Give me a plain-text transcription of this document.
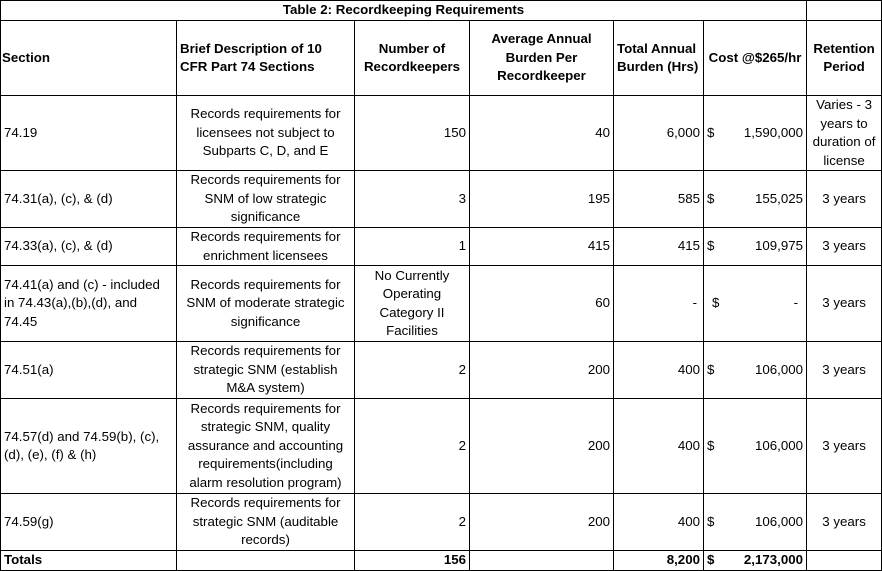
Table 2: Recordkeeping Requirements						
Section	Brief Description of 10 CFR Part 74 Sections	Number of Recordkeepers	Average Annual Burden Per Recordkeeper	Total Annual Burden (Hrs)	Cost @$265/hr	Retention Period
74.19	Records requirements for licensees not subject to Subparts C, D, and E	150	40	6,000	$ 1,590,000	Varies - 3 years to duration of license
74.31(a), (c), & (d)	Records requirements for SNM of low strategic significance	3	195	585	$ 155,025	3 years
74.33(a), (c), & (d)	Records requirements for enrichment licensees	1	415	415	$ 109,975	3 years
74.41(a) and (c) - included in 74.43(a),(b),(d), and 74.45	Records requirements for SNM of moderate strategic significance	No Currently Operating Category II Facilities	60	-	$ -	3 years
74.51(a)	Records requirements for strategic SNM (establish M&A system)	2	200	400	$ 106,000	3 years
74.57(d) and 74.59(b), (c), (d), (e), (f) & (h)	Records requirements for strategic SNM, quality assurance and accounting requirements(including alarm resolution program)	2	200	400	$ 106,000	3 years
74.59(g)	Records requirements for strategic SNM (auditable records)	2	200	400	$ 106,000	3 years
Totals		156		8,200	$ 2,173,000	
